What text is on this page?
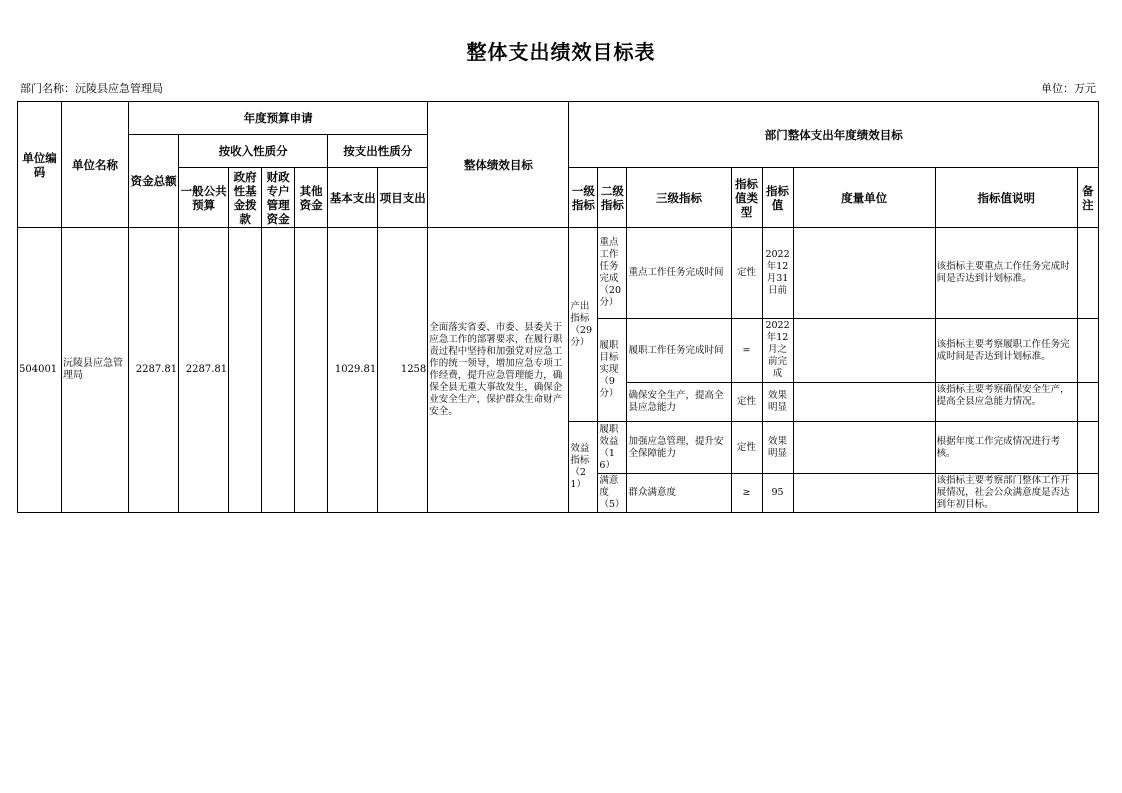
整体支出绩效目标表
部门名称：沅陵县应急管理局	单位：万元
单位编码	单位名称	年度预算申请							整体绩效目标	部门整体支出年度绩效目标							
		资金总额	按收入性质分				按支出性质分										
			一般公共预算	政府性基金拨款	财政专户管理资金	其他资金	基本支出	项目支出		一级指标	二级指标	三级指标	指标值类型	指标值	度量单位	指标值说明	备注

504001	沅陵县应急管理局	2287.81	2287.81				1029.81	1258	全面落实省委、市委、县委关于应急工作的部署要求，在履行职责过程中坚持和加强党对应急工作的统一领导，增加应急专项工作经费，提升应急管理能力，确保全县无重大事故发生，确保企业安全生产，保护群众生命财产安全。	产出指标（29分）	重点工作任务完成（20分）	重点工作任务完成时间	定性	2022年12月31日前		该指标主要重点工作任务完成时间是否达到计划标准。	
											履职目标实现（9分）	履职工作任务完成时间	=	2022年12月之前完成		该指标主要考察履职工作任务完成时间是否达到计划标准。	
												确保安全生产，提高全县应急能力	定性	效果明显		该指标主要考察确保安全生产，提高全县应急能力情况。	

										效益指标（21）	履职效益（16）	加强应急管理，提升安全保障能力	定性	效果明显		根据年度工作完成情况进行考核。	

											满意度（5）	群众满意度	≥	95		该指标主要考察部门整体工作开展情况，社会公众满意度是否达到年初目标。	
